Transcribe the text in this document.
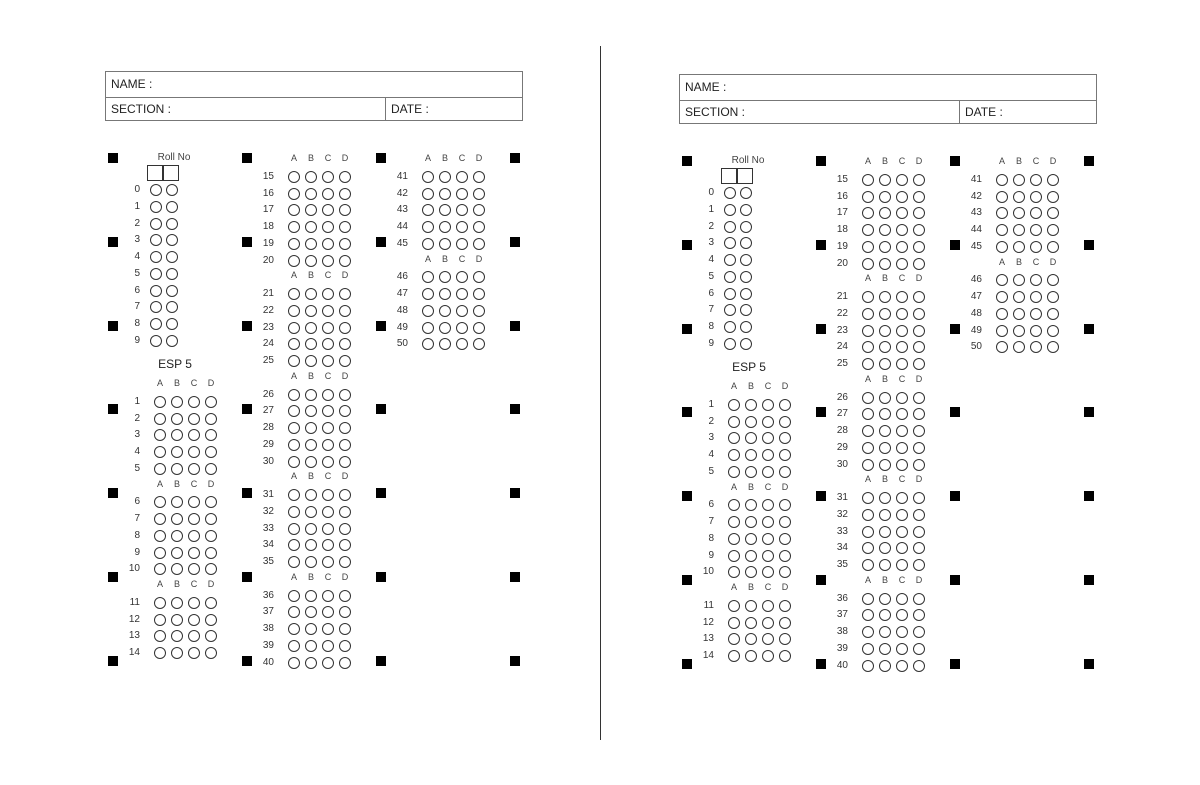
NAME :
SECTION :	DATE :
Roll No
0
1
2
3
4
5
6
7
8
9
ESP 5
A	B	C	D
1
2
3
4
5
A	B	C	D
6
7
8
9
10
A	B	C	D
11
12
13
14
A	B	C	D
15
16
17
18
19
20
A	B	C	D
21
22
23
24
25
A	B	C	D
26
27
28
29
30
A	B	C	D
31
32
33
34
35
A	B	C	D
36
37
38
39
40
A	B	C	D
41
42
43
44
45
A	B	C	D
46
47
48
49
50
NAME :
SECTION :	DATE :
Roll No
0
1
2
3
4
5
6
7
8
9
ESP 5
A	B	C	D
1
2
3
4
5
A	B	C	D
6
7
8
9
10
A	B	C	D
11
12
13
14
A	B	C	D
15
16
17
18
19
20
A	B	C	D
21
22
23
24
25
A	B	C	D
26
27
28
29
30
A	B	C	D
31
32
33
34
35
A	B	C	D
36
37
38
39
40
A	B	C	D
41
42
43
44
45
A	B	C	D
46
47
48
49
50
